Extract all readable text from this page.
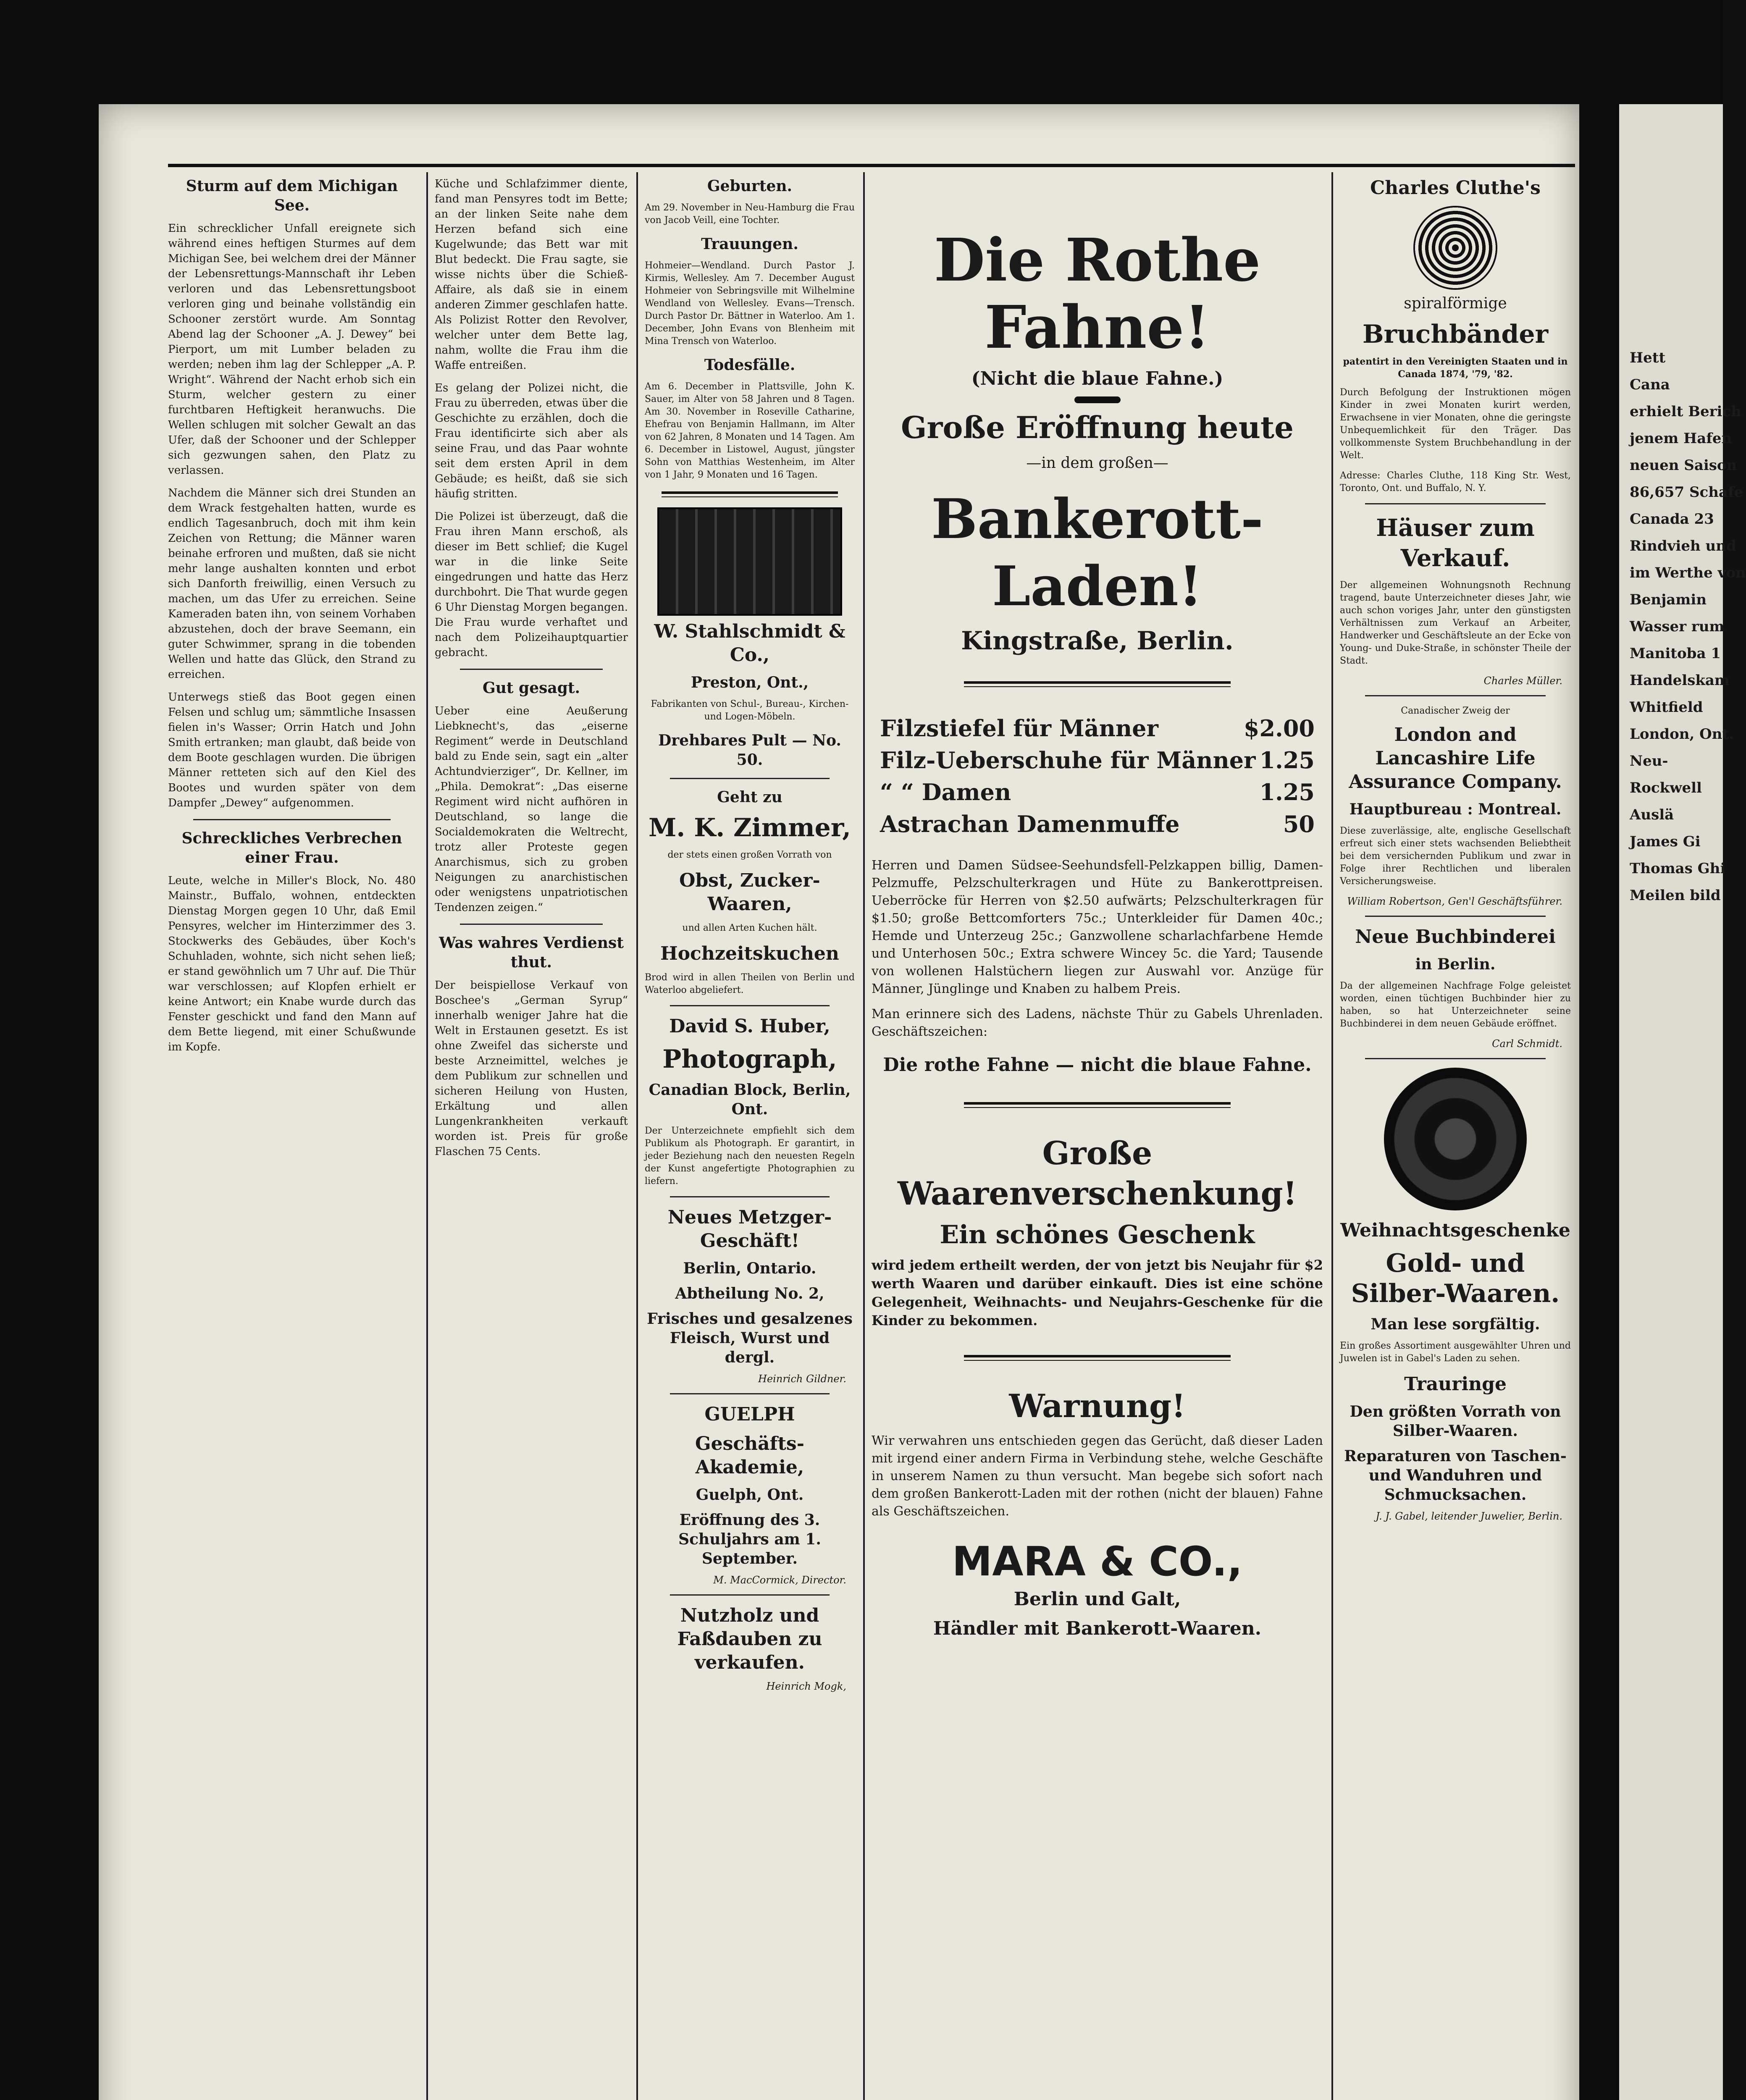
Sturm auf dem Michigan See.

Ein schrecklicher Unfall ereignete sich während eines heftigen Sturmes auf dem Michigan See, bei welchem drei der Männer der Lebensrettungs-Mannschaft ihr Leben verloren und das Lebensrettungsboot verloren ging und beinahe vollständig ein Schooner zerstört wurde. Am Sonntag Abend lag der Schooner „A. J. Dewey“ bei Pierport, um mit Lumber beladen zu werden; neben ihm lag der Schlepper „A. P. Wright“. Während der Nacht erhob sich ein Sturm, welcher gestern zu einer furchtbaren Heftigkeit heranwuchs. Die Wellen schlugen mit solcher Gewalt an das Ufer, daß der Schooner und der Schlepper sich gezwungen sahen, den Platz zu verlassen.

Nachdem die Männer sich drei Stunden an dem Wrack festgehalten hatten, wurde es endlich Tagesanbruch, doch mit ihm kein Zeichen von Rettung; die Männer waren beinahe erfroren und mußten, daß sie nicht mehr lange aushalten konnten und erbot sich Danforth freiwillig, einen Versuch zu machen, um das Ufer zu erreichen. Seine Kameraden baten ihn, von seinem Vorhaben abzustehen, doch der brave Seemann, ein guter Schwimmer, sprang in die tobenden Wellen und hatte das Glück, den Strand zu erreichen.

Unterwegs stieß das Boot gegen einen Felsen und schlug um; sämmtliche Insassen fielen in's Wasser; Orrin Hatch und John Smith ertranken; man glaubt, daß beide von dem Boote geschlagen wurden. Die übrigen Männer retteten sich auf den Kiel des Bootes und wurden später von dem Dampfer „Dewey“ aufgenommen.

Schreckliches Verbrechen einer Frau.

Leute, welche in Miller's Block, No. 480 Mainstr., Buffalo, wohnen, entdeckten Dienstag Morgen gegen 10 Uhr, daß Emil Pensyres, welcher im Hinterzimmer des 3. Stockwerks des Gebäudes, über Koch's Schuhladen, wohnte, sich nicht sehen ließ; er stand gewöhnlich um 7 Uhr auf. Die Thür war verschlossen; auf Klopfen erhielt er keine Antwort; ein Knabe wurde durch das Fenster geschickt und fand den Mann auf dem Bette liegend, mit einer Schußwunde im Kopfe.

Küche und Schlafzimmer diente, fand man Pensyres todt im Bette; an der linken Seite nahe dem Herzen befand sich eine Kugelwunde; das Bett war mit Blut bedeckt. Die Frau sagte, sie wisse nichts über die Schieß-Affaire, als daß sie in einem anderen Zimmer geschlafen hatte. Als Polizist Rotter den Revolver, welcher unter dem Bette lag, nahm, wollte die Frau ihm die Waffe entreißen.

Es gelang der Polizei nicht, die Frau zu überreden, etwas über die Geschichte zu erzählen, doch die Frau identificirte sich aber als seine Frau, und das Paar wohnte seit dem ersten April in dem Gebäude; es heißt, daß sie sich häufig stritten.

Die Polizei ist überzeugt, daß die Frau ihren Mann erschoß, als dieser im Bett schlief; die Kugel war in die linke Seite eingedrungen und hatte das Herz durchbohrt. Die That wurde gegen 6 Uhr Dienstag Morgen begangen. Die Frau wurde verhaftet und nach dem Polizeihauptquartier gebracht.

Gut gesagt.

Ueber eine Aeußerung Liebknecht's, das „eiserne Regiment“ werde in Deutschland bald zu Ende sein, sagt ein „alter Achtundvierziger“, Dr. Kellner, im „Phila. Demokrat“: „Das eiserne Regiment wird nicht aufhören in Deutschland, so lange die Socialdemokraten die Weltrecht, trotz aller Proteste gegen Anarchismus, sich zu groben Neigungen zu anarchistischen oder wenigstens unpatriotischen Tendenzen zeigen.“

Was wahres Verdienst thut.

Der beispiellose Verkauf von Boschee's „German Syrup“ innerhalb weniger Jahre hat die Welt in Erstaunen gesetzt. Es ist ohne Zweifel das sicherste und beste Arzneimittel, welches je dem Publikum zur schnellen und sicheren Heilung von Husten, Erkältung und allen Lungenkrankheiten verkauft worden ist. Preis für große Flaschen 75 Cents.

Geburten.

Am 29. November in Neu-Hamburg die Frau von Jacob Veill, eine Tochter.

Trauungen.

Hohmeier—Wendland. Durch Pastor J. Kirmis, Wellesley. Am 7. December August Hohmeier von Sebringsville mit Wilhelmine Wendland von Wellesley. Evans—Trensch. Durch Pastor Dr. Bättner in Waterloo. Am 1. December, John Evans von Blenheim mit Mina Trensch von Waterloo.

Todesfälle.

Am 6. December in Plattsville, John K. Sauer, im Alter von 58 Jahren und 8 Tagen. Am 30. November in Roseville Catharine, Ehefrau von Benjamin Hallmann, im Alter von 62 Jahren, 8 Monaten und 14 Tagen. Am 6. December in Listowel, August, jüngster Sohn von Matthias Westenheim, im Alter von 1 Jahr, 9 Monaten und 16 Tagen.

W. Stahlschmidt & Co.,
Preston, Ont.,

Fabrikanten von Schul-, Bureau-, Kirchen- und Logen-Möbeln.

Drehbares Pult — No. 50.
Geht zu
M. K. Zimmer,

der stets einen großen Vorrath von

Obst, Zucker-Waaren,

und allen Arten Kuchen hält.

Hochzeitskuchen

Brod wird in allen Theilen von Berlin und Waterloo abgeliefert.

David S. Huber,
Photograph,
Canadian Block, Berlin, Ont.

Der Unterzeichnete empfiehlt sich dem Publikum als Photograph. Er garantirt, in jeder Beziehung nach den neuesten Regeln der Kunst angefertigte Photographien zu liefern.

Neues Metzger-Geschäft!
Berlin, Ontario.
Abtheilung No. 2,
Frisches und gesalzenes Fleisch, Wurst und dergl.
Heinrich Gildner.
GUELPH
Geschäfts-Akademie,
Guelph, Ont.
Eröffnung des 3. Schuljahrs am 1. September.
M. MacCormick, Director.
Nutzholz und Faßdauben zu verkaufen.
Heinrich Mogk,
Die Rothe Fahne!
(Nicht die blaue Fahne.)
Große Eröffnung heute
—in dem großen—
Bankerott-Laden!
Kingstraße, Berlin.
Filzstiefel für Männer	$2.00
Filz-Ueberschuhe für Männer 1.25
“ “ Damen	1.25
Astrachan Damenmuffe	50

Herren und Damen Südsee-Seehundsfell-Pelzkappen billig, Damen-Pelzmuffe, Pelzschulterkragen und Hüte zu Bankerottpreisen. Ueberröcke für Herren von $2.50 aufwärts; Pelzschulterkragen für $1.50; große Bettcomforters 75c.; Unterkleider für Damen 40c.; Hemde und Unterzeug 25c.; Ganzwollene scharlachfarbene Hemde und Unterhosen 50c.; Extra schwere Wincey 5c. die Yard; Tausende von wollenen Halstüchern liegen zur Auswahl vor. Anzüge für Männer, Jünglinge und Knaben zu halbem Preis.

Man erinnere sich des Ladens, nächste Thür zu Gabels Uhrenladen. Geschäftszeichen:

Die rothe Fahne — nicht die blaue Fahne.
Große Waarenverschenkung!
Ein schönes Geschenk

wird jedem ertheilt werden, der von jetzt bis Neujahr für $2 werth Waaren und darüber einkauft. Dies ist eine schöne Gelegenheit, Weihnachts- und Neujahrs-Geschenke für die Kinder zu bekommen.

Warnung!

Wir verwahren uns entschieden gegen das Gerücht, daß dieser Laden mit irgend einer andern Firma in Verbindung stehe, welche Geschäfte in unserem Namen zu thun versucht. Man begebe sich sofort nach dem großen Bankerott-Laden mit der rothen (nicht der blauen) Fahne als Geschäftszeichen.

MARA & CO.,
Berlin und Galt,
Händler mit Bankerott-Waaren.
Charles Cluthe's
spiralförmige
Bruchbänder
patentirt in den Vereinigten Staaten und in Canada 1874, '79, '82.

Durch Befolgung der Instruktionen mögen Kinder in zwei Monaten kurirt werden, Erwachsene in vier Monaten, ohne die geringste Unbequemlichkeit für den Träger. Das vollkommenste System Bruchbehandlung in der Welt.

Adresse: Charles Cluthe, 118 King Str. West, Toronto, Ont. und Buffalo, N. Y.

Häuser zum Verkauf.

Der allgemeinen Wohnungsnoth Rechnung tragend, baute Unterzeichneter dieses Jahr, wie auch schon voriges Jahr, unter den günstigsten Verhältnissen zum Verkauf an Arbeiter, Handwerker und Geschäftsleute an der Ecke von Young- und Duke-Straße, in schönster Theile der Stadt.

Charles Müller.
Canadischer Zweig der
London and Lancashire Life Assurance Company.
Hauptbureau : Montreal.

Diese zuverlässige, alte, englische Gesellschaft erfreut sich einer stets wachsenden Beliebtheit bei dem versichernden Publikum und zwar in Folge ihrer Rechtlichen und liberalen Versicherungsweise.

William Robertson, Gen'l Geschäftsführer.
Neue Buchbinderei
in Berlin.

Da der allgemeinen Nachfrage Folge geleistet worden, einen tüchtigen Buchbinder hier zu haben, so hat Unterzeichneter seine Buchbinderei in dem neuen Gebäude eröffnet.

Carl Schmidt.
Weihnachtsgeschenke
Gold- und Silber-Waaren.
Man lese sorgfältig.

Ein großes Assortiment ausgewählter Uhren und Juwelen ist in Gabel's Laden zu sehen.

Trauringe
Den größten Vorrath von Silber-Waaren.
Reparaturen von Taschen- und Wanduhren und Schmucksachen.
J. J. Gabel, leitender Juwelier, Berlin.
Hett
Cana
erhielt Berich
jenem Hafen
neuen Saison
86,657 Schafe
Canada 23
Rindvieh und
im Werthe von
Benjamin
Wasser rum
Manitoba 1
Handelskam
Whitfield
London, Ont.
Neu-
Rockwell
Auslä
James Gi
Thomas Ghi
Meilen bild
